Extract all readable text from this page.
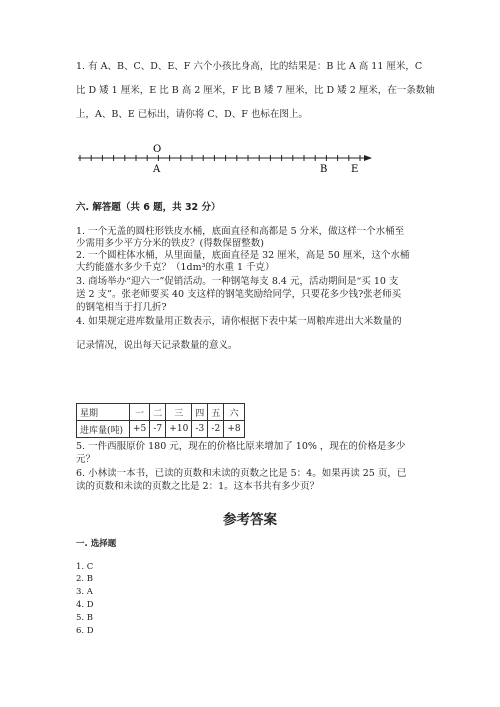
1. 有 A、B、C、D、E、F 六个小孩比身高，比的结果是：B 比 A 高 11 厘米，C
比 D 矮 1 厘米，E 比 B 高 2 厘米，F 比 B 矮 7 厘米，比 D 矮 2 厘米，在一条数轴
上，A、B、E 已标出，请你将 C、D、F 也标在图上。
O
A	B E
六. 解答题（共 6 题，共 32 分）
1. 一个无盖的圆柱形铁皮水桶，底面直径和高都是 5 分米，做这样一个水桶至
少需用多少平方分米的铁皮？(得数保留整数)
2. 一个圆柱体水桶，从里面量，底面直径是 32 厘米，高是 50 厘米，这个水桶
大约能盛水多少千克？（1dm³的水重 1 千克）
3. 商场举办“迎六一”促销活动。一种钢笔每支 8.4 元，活动期间是“买 10 支
送 2 支”。张老师要买 40 支这样的钢笔奖励给同学，只要花多少钱?张老师买
的钢笔相当于打几折?
4. 如果规定进库数量用正数表示，请你根据下表中某一周粮库进出大米数量的
记录情况，说出每天记录数量的意义。
星期	一	二	三	四	五	六
进库量(吨)	+5	-7	+10	-3	-2	+8
5. 一件西服原价 180 元，现在的价格比原来增加了 10% ，现在的价格是多少
元？
6. 小林读一本书，已读的页数和未读的页数之比是 5：4。如果再读 25 页，已
读的页数和未读的页数之比是 2：1。这本书共有多少页？
参考答案
一. 选择题
1. C
2. B
3. A
4. D
5. B
6. D
